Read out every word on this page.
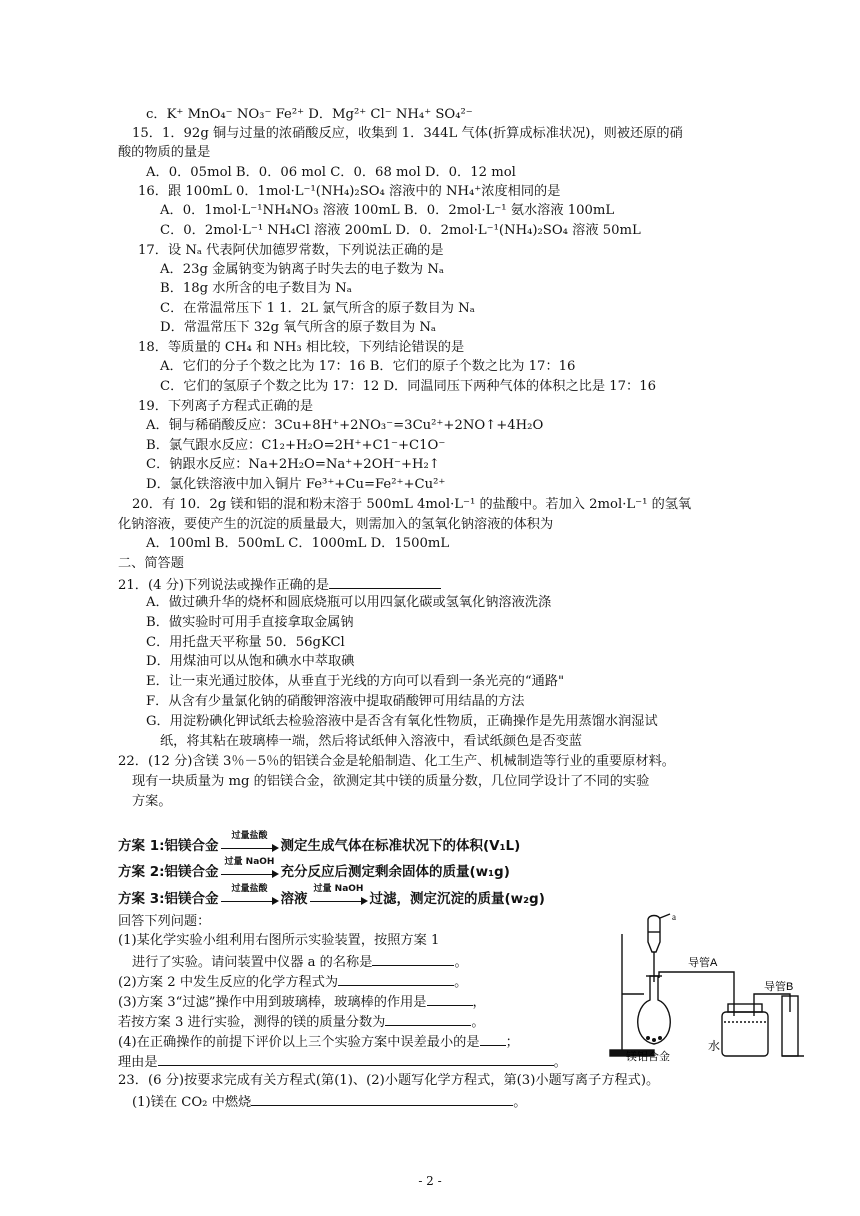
c．K⁺ MnO₄⁻ NO₃⁻ Fe²⁺ D．Mg²⁺ Cl⁻ NH₄⁺ SO₄²⁻
15．1．92g 铜与过量的浓硝酸反应，收集到 1．344L 气体(折算成标准状况)，则被还原的硝
酸的物质的量是
A．0．05mol B．0．06 mol C．0．68 mol D．0．12 mol
16．跟 100mL 0．1mol·L⁻¹(NH₄)₂SO₄ 溶液中的 NH₄⁺浓度相同的是
A．0．1mol·L⁻¹NH₄NO₃ 溶液 100mL B．0．2mol·L⁻¹ 氨水溶液 100mL
C．0．2mol·L⁻¹ NH₄Cl 溶液 200mL D．0．2mol·L⁻¹(NH₄)₂SO₄ 溶液 50mL
17．设 Nₐ 代表阿伏加德罗常数，下列说法正确的是
A．23g 金属钠变为钠离子时失去的电子数为 Nₐ
B．18g 水所含的电子数目为 Nₐ
C．在常温常压下 1 1．2L 氯气所含的原子数目为 Nₐ
D．常温常压下 32g 氧气所含的原子数目为 Nₐ
18．等质量的 CH₄ 和 NH₃ 相比较，下列结论错误的是
A．它们的分子个数之比为 17：16 B．它们的原子个数之比为 17：16
C．它们的氢原子个数之比为 17：12 D．同温同压下两种气体的体积之比是 17：16
19．下列离子方程式正确的是
A．铜与稀硝酸反应：3Cu+8H⁺+2NO₃⁻=3Cu²⁺+2NO↑+4H₂O
B．氯气跟水反应：C1₂+H₂O=2H⁺+C1⁻+C1O⁻
C．钠跟水反应：Na+2H₂O=Na⁺+2OH⁻+H₂↑
D．氯化铁溶液中加入铜片 Fe³⁺+Cu=Fe²⁺+Cu²⁺
20．有 10．2g 镁和铝的混和粉末溶于 500mL 4mol·L⁻¹ 的盐酸中。若加入 2mol·L⁻¹ 的氢氧
化钠溶液，要使产生的沉淀的质量最大，则需加入的氢氧化钠溶液的体积为
A．100ml B．500mL C．1000mL D．1500mL
二、简答题
21．(4 分)下列说法或操作正确的是
A．做过碘升华的烧杯和圆底烧瓶可以用四氯化碳或氢氧化钠溶液洗涤
B．做实验时可用手直接拿取金属钠
C．用托盘天平称量 50．56gKCl
D．用煤油可以从饱和碘水中萃取碘
E．让一束光通过胶体，从垂直于光线的方向可以看到一条光亮的“通路"
F．从含有少量氯化钠的硝酸钾溶液中提取硝酸钾可用结晶的方法
G．用淀粉碘化钾试纸去检验溶液中是否含有氧化性物质，正确操作是先用蒸馏水润湿试
纸，将其粘在玻璃棒一端，然后将试纸伸入溶液中，看试纸颜色是否变蓝
22．(12 分)含镁 3％－5％的铝镁合金是轮船制造、化工生产、机械制造等行业的重要原材料。
现有一块质量为 mg 的铝镁合金，欲测定其中镁的质量分数，几位同学设计了不同的实验
方案。
方案 1:铝镁合金
过量盐酸
测定生成气体在标准状况下的体积(V₁L)
方案 2:铝镁合金
过量 NaOH
充分反应后测定剩余固体的质量(w₁g)
方案 3:铝镁合金
过量盐酸
溶液
过量 NaOH
过滤，测定沉淀的质量(w₂g)
回答下列问题：
(1)某化学实验小组利用右图所示实验装置，按照方案 1
进行了实验。请问装置中仪器 a 的名称是	。
(2)方案 2 中发生反应的化学方程式为	。
(3)方案 3“过滤”操作中用到玻璃棒，玻璃棒的作用是	，
若按方案 3 进行实验，测得的镁的质量分数为	。
(4)在正确操作的前提下评价以上三个实验方案中误差最小的是 ；
理由是	。
23．(6 分)按要求完成有关方程式(第(1)、(2)小题写化学方程式，第(3)小题写离子方程式)。
(1)镁在 CO₂ 中燃烧	。
a
导管A
导管B
镁铝合金
水
- 2 -
